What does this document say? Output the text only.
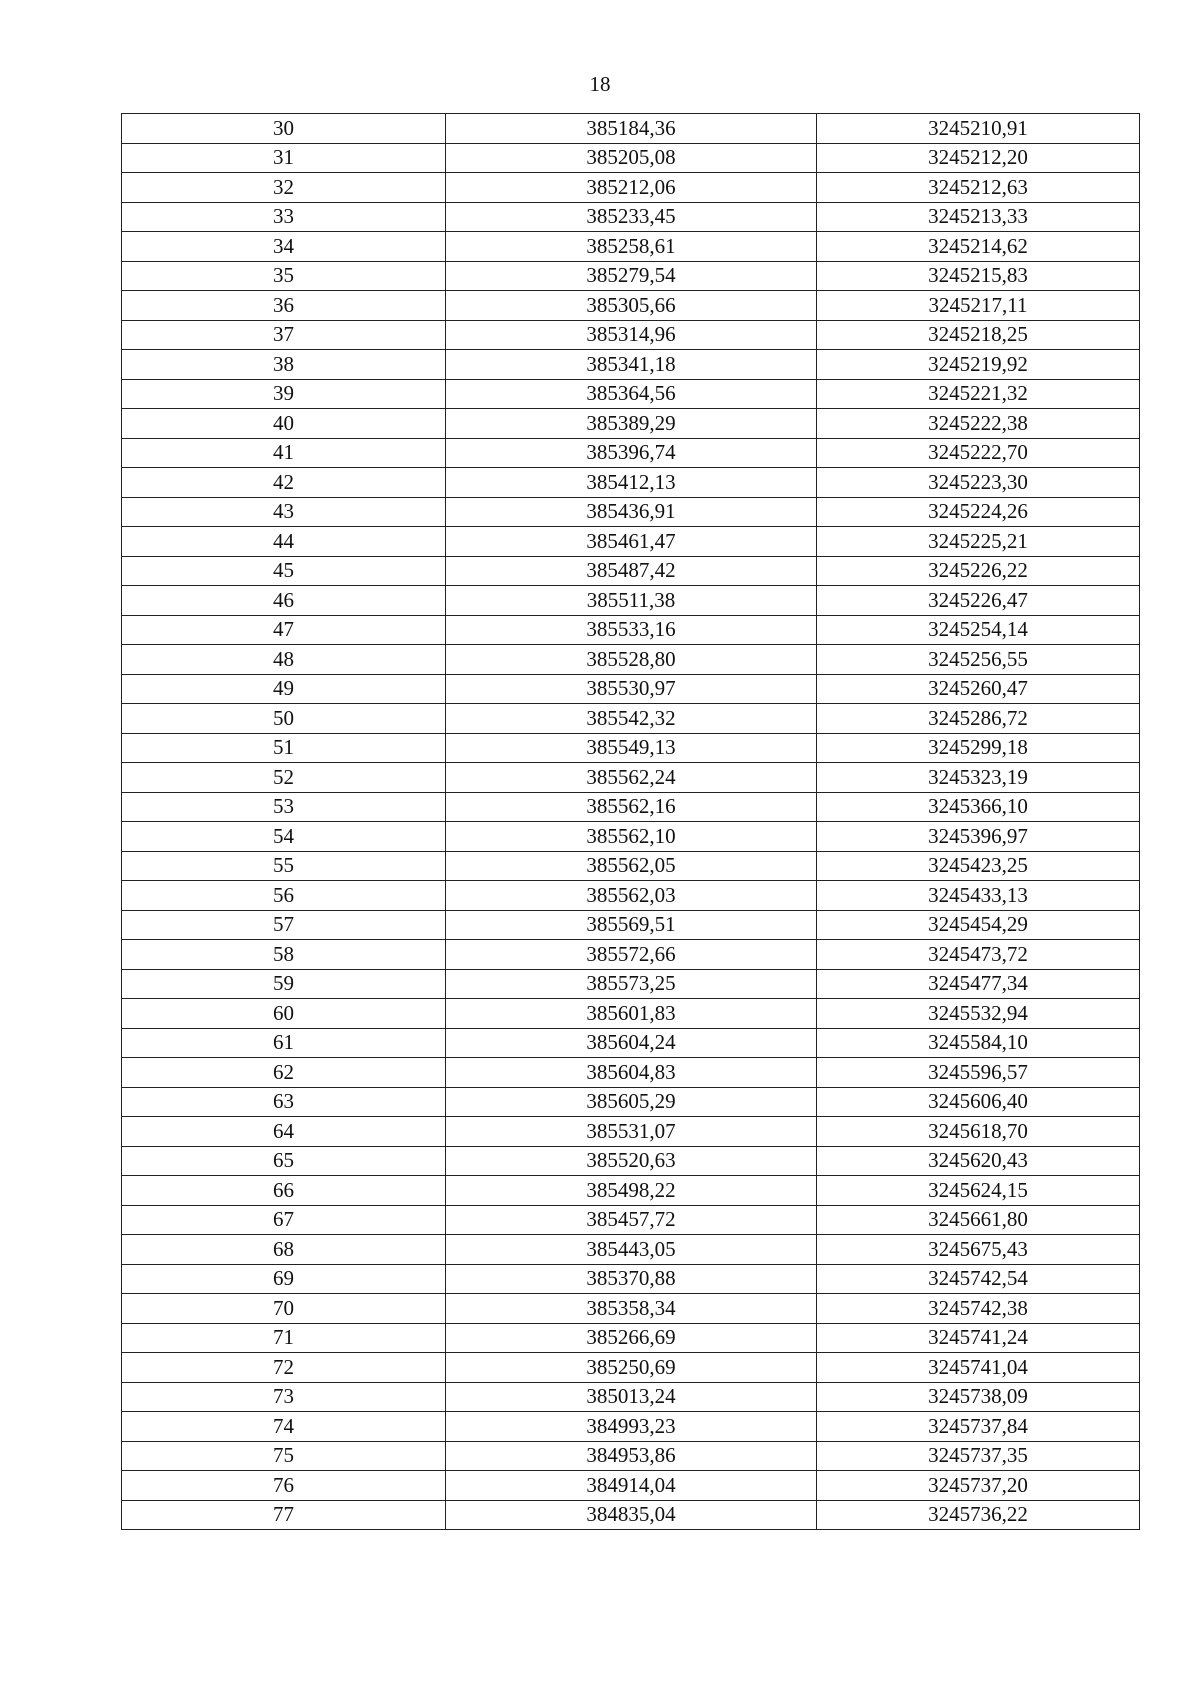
18
30	385184,36	3245210,91
31	385205,08	3245212,20
32	385212,06	3245212,63
33	385233,45	3245213,33
34	385258,61	3245214,62
35	385279,54	3245215,83
36	385305,66	3245217,11
37	385314,96	3245218,25
38	385341,18	3245219,92
39	385364,56	3245221,32
40	385389,29	3245222,38
41	385396,74	3245222,70
42	385412,13	3245223,30
43	385436,91	3245224,26
44	385461,47	3245225,21
45	385487,42	3245226,22
46	385511,38	3245226,47
47	385533,16	3245254,14
48	385528,80	3245256,55
49	385530,97	3245260,47
50	385542,32	3245286,72
51	385549,13	3245299,18
52	385562,24	3245323,19
53	385562,16	3245366,10
54	385562,10	3245396,97
55	385562,05	3245423,25
56	385562,03	3245433,13
57	385569,51	3245454,29
58	385572,66	3245473,72
59	385573,25	3245477,34
60	385601,83	3245532,94
61	385604,24	3245584,10
62	385604,83	3245596,57
63	385605,29	3245606,40
64	385531,07	3245618,70
65	385520,63	3245620,43
66	385498,22	3245624,15
67	385457,72	3245661,80
68	385443,05	3245675,43
69	385370,88	3245742,54
70	385358,34	3245742,38
71	385266,69	3245741,24
72	385250,69	3245741,04
73	385013,24	3245738,09
74	384993,23	3245737,84
75	384953,86	3245737,35
76	384914,04	3245737,20
77	384835,04	3245736,22
